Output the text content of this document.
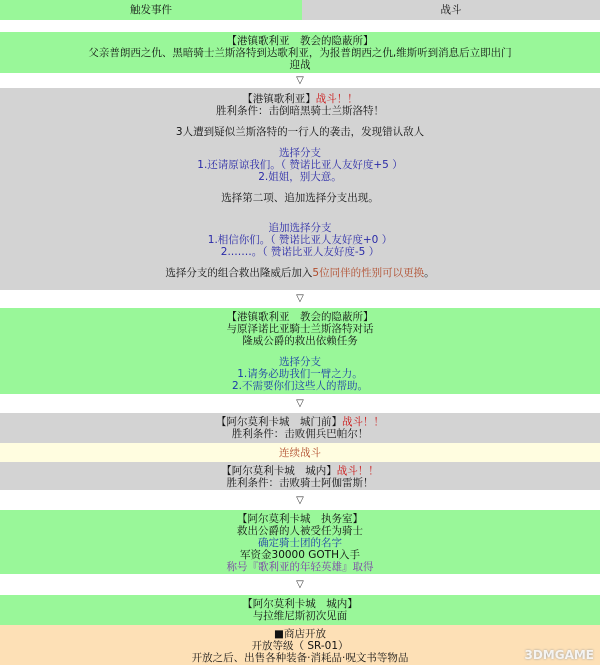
触发事件	战斗
【港镇歌利亚　教会的隐蔽所】
父亲普朗西之仇、黑暗骑士兰斯洛特到达歌利亚，为报普朗西之仇,维斯听到消息后立即出门
迎战
▽
【港镇歌利亚】战斗！！
胜利条件：击倒暗黑骑士兰斯洛特！
3人遭到疑似兰斯洛特的一行人的袭击，发现错认敌人
选择分支
1.还请原谅我们。（ 赞诺比亚人友好度+5 ）
2.姐姐，别大意。
选择第二项、追加选择分支出现。
追加选择分支
1.相信你们。（ 赞诺比亚人友好度+0 ）
2.……。（ 赞诺比亚人友好度-5 ）
选择分支的组合救出隆威后加入5位同伴的性别可以更换。
▽
【港镇歌利亚　教会的隐蔽所】
与原泽诺比亚騎士兰斯洛特对话
隆威公爵的救出依赖任务
选择分支
1.请务必助我们一臂之力。
2.不需要你们这些人的帮助。
▽
【阿尔莫利卡城　城门前】战斗！！
胜利条件：击败佣兵巴帕尔！
连续战斗
【阿尔莫利卡城　城内】战斗！！
胜利条件：击败骑士阿伽雷斯！
▽
【阿尔莫利卡城　执务室】
救出公爵的人被受任为骑士
确定骑士团的名字
军资金30000 GOTH入手
称号『歌利亚的年轻英雄』取得
▽
【阿尔莫利卡城　城内】
与拉维尼斯初次见面
■商店开放
开放等级（ SR-01）
开放之后、出售各种装备·消耗品·呪文书等物品	3DMGAME
